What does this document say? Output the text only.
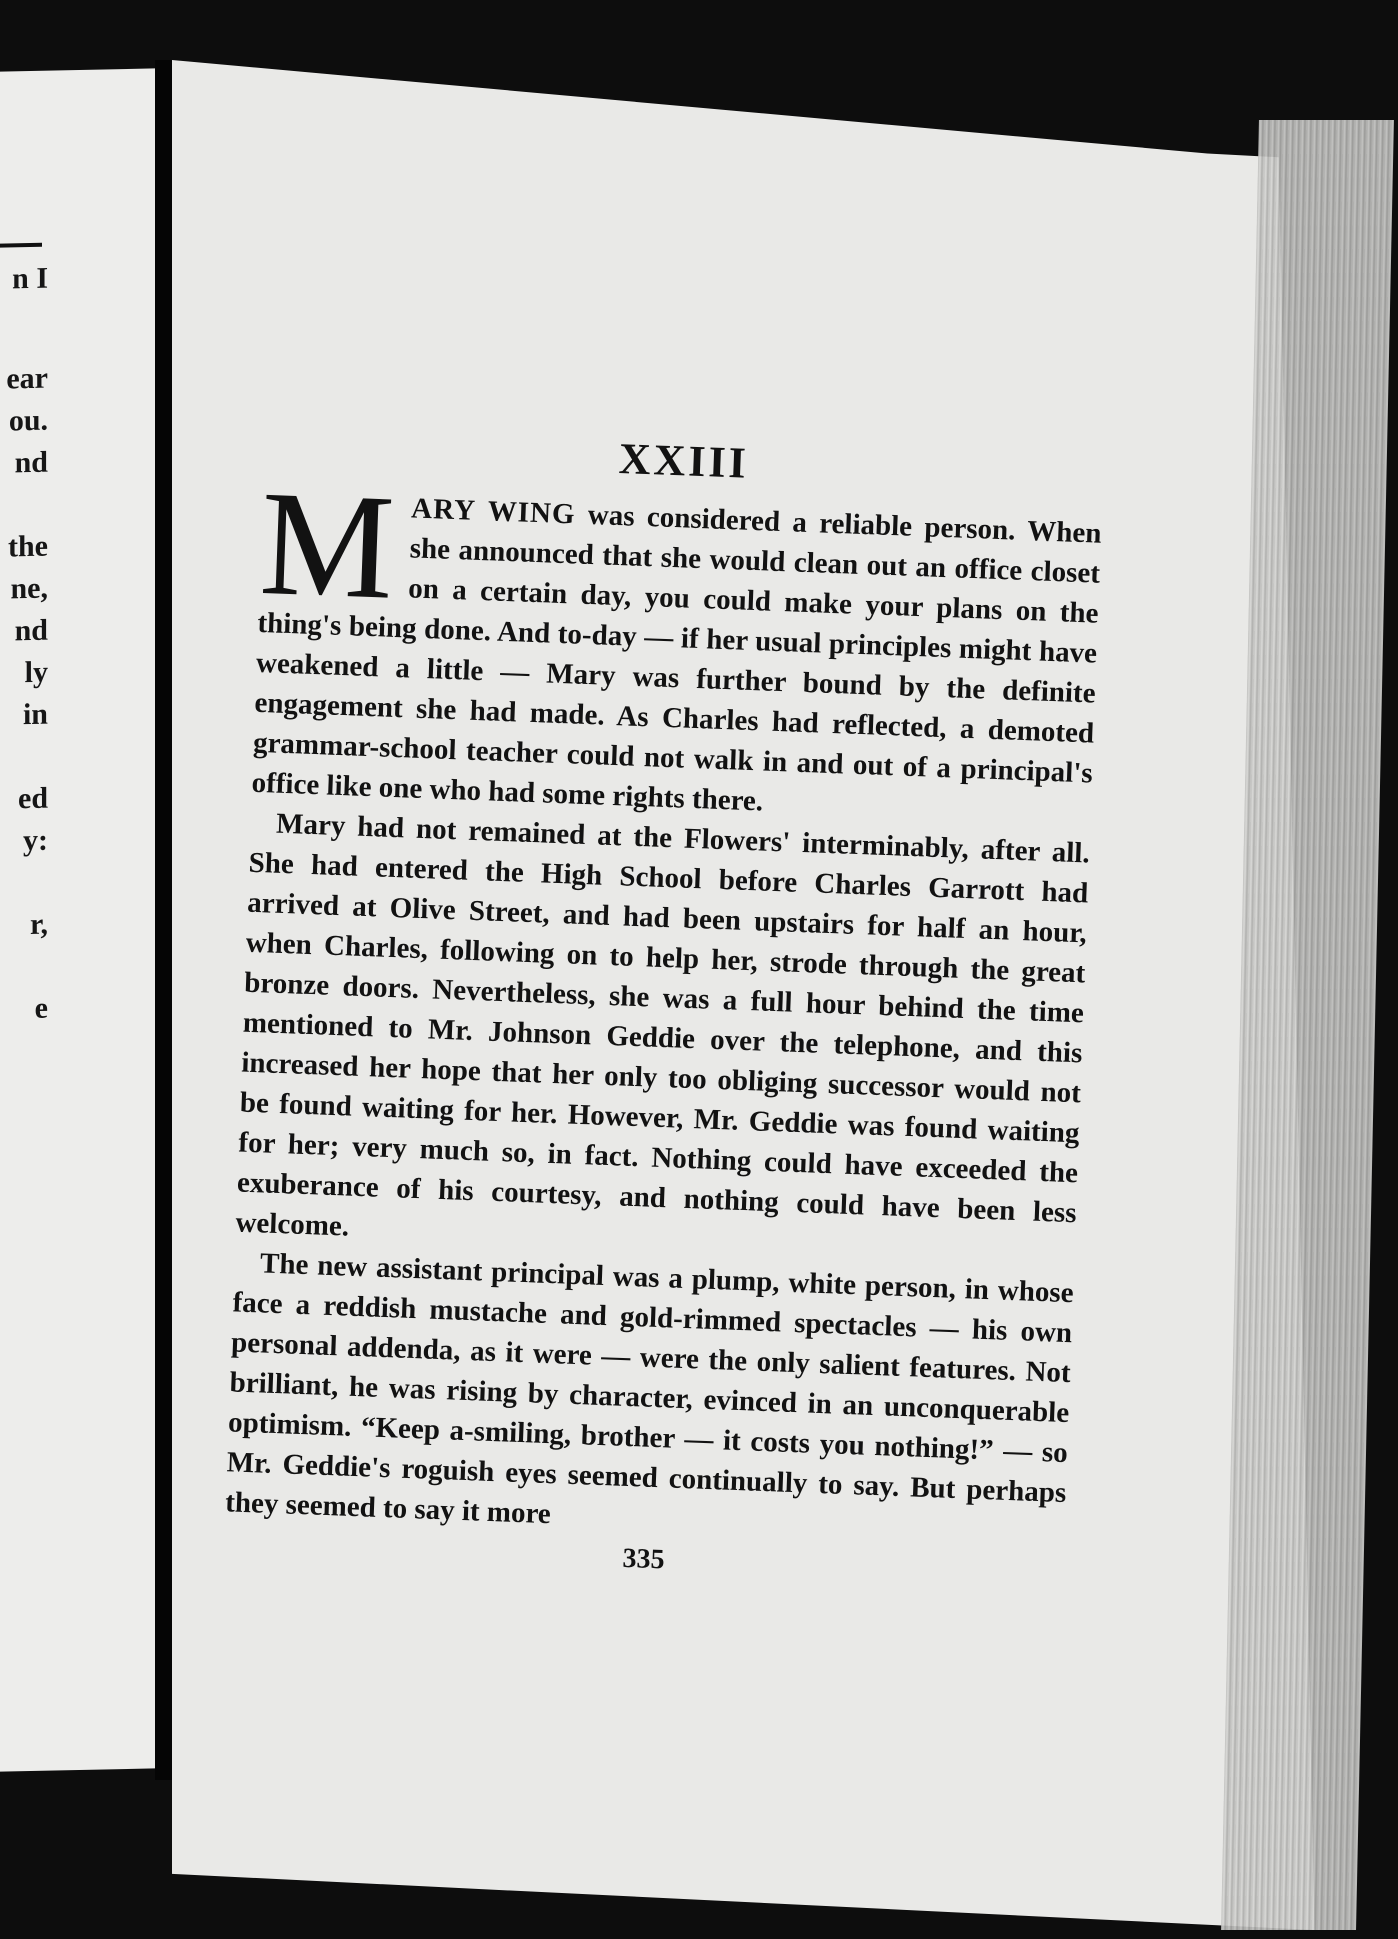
n I
ear
ou.
nd
the
ne,
nd
ly
in
ed
y:
r,
e
XXIII

MARY WING was considered a reliable person. When she announced that she would clean out an office closet on a certain day, you could make your plans on the thing's being done. And to-day — if her usual principles might have weakened a little — Mary was further bound by the definite engagement she had made. As Charles had reflected, a demoted grammar-school teacher could not walk in and out of a principal's office like one who had some rights there.

Mary had not remained at the Flowers' interminably, after all. She had entered the High School before Charles Garrott had arrived at Olive Street, and had been upstairs for half an hour, when Charles, following on to help her, strode through the great bronze doors. Nevertheless, she was a full hour behind the time mentioned to Mr. Johnson Geddie over the telephone, and this increased her hope that her only too obliging successor would not be found waiting for her. However, Mr. Geddie was found waiting for her; very much so, in fact. Nothing could have exceeded the exuberance of his courtesy, and nothing could have been less welcome.

The new assistant principal was a plump, white person, in whose face a reddish mustache and gold-rimmed spectacles — his own personal addenda, as it were — were the only salient features. Not brilliant, he was rising by character, evinced in an unconquerable optimism. “Keep a-smiling, brother — it costs you nothing!” — so Mr. Geddie's roguish eyes seemed continually to say. But perhaps they seemed to say it more

335
